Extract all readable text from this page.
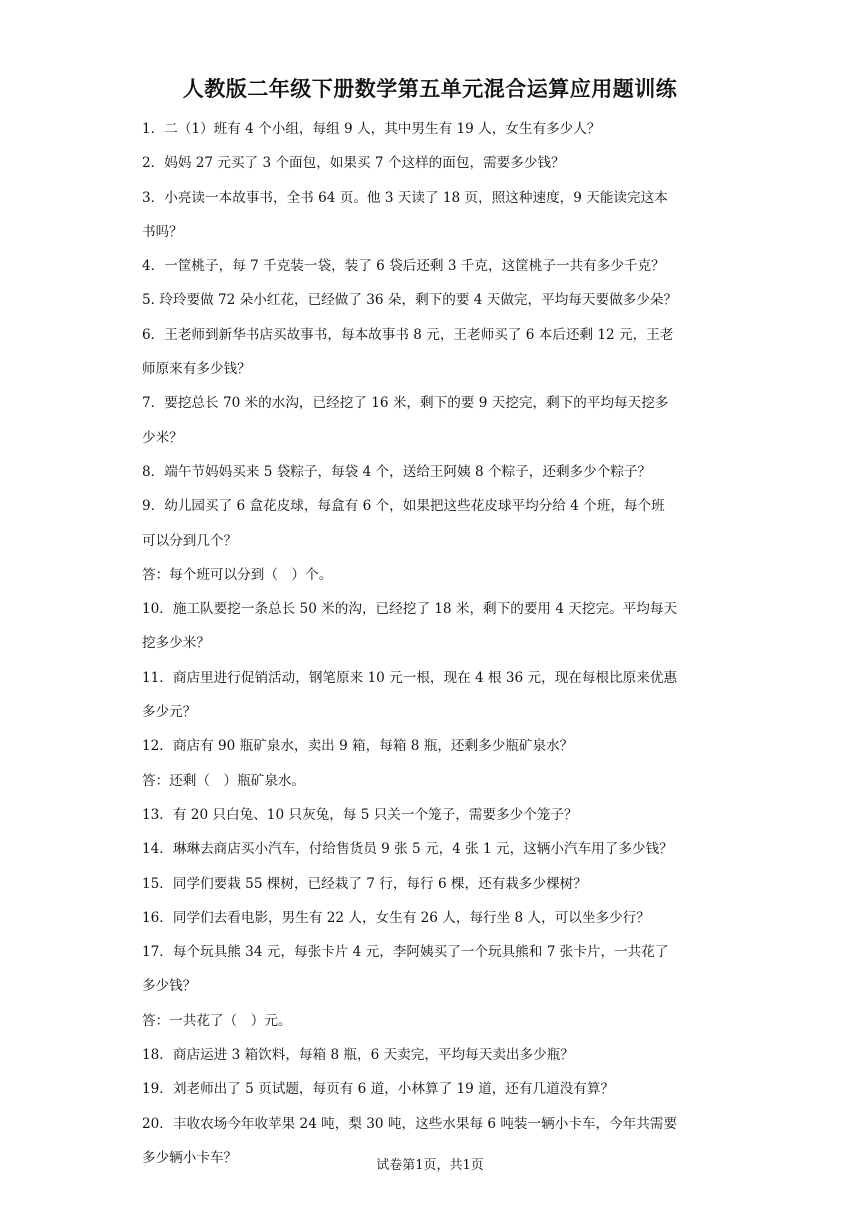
人教版二年级下册数学第五单元混合运算应用题训练
1．二（1）班有 4 个小组，每组 9 人，其中男生有 19 人，女生有多少人？
2．妈妈 27 元买了 3 个面包，如果买 7 个这样的面包，需要多少钱？
3．小亮读一本故事书，全书 64 页。他 3 天读了 18 页，照这种速度，9 天能读完这本
书吗？
4．一筐桃子，每 7 千克装一袋，装了 6 袋后还剩 3 千克，这筐桃子一共有多少千克？
5. 玲玲要做 72 朵小红花，已经做了 36 朵，剩下的要 4 天做完，平均每天要做多少朵？
6．王老师到新华书店买故事书，每本故事书 8 元，王老师买了 6 本后还剩 12 元，王老
师原来有多少钱？
7．要挖总长 70 米的水沟，已经挖了 16 米，剩下的要 9 天挖完，剩下的平均每天挖多
少米？
8．端午节妈妈买来 5 袋粽子，每袋 4 个，送给王阿姨 8 个粽子，还剩多少个粽子？
9．幼儿园买了 6 盒花皮球，每盒有 6 个，如果把这些花皮球平均分给 4 个班，每个班
可以分到几个？
答：每个班可以分到（　）个。
10．施工队要挖一条总长 50 米的沟，已经挖了 18 米，剩下的要用 4 天挖完。平均每天
挖多少米？
11．商店里进行促销活动，钢笔原来 10 元一根，现在 4 根 36 元，现在每根比原来优惠
多少元？
12．商店有 90 瓶矿泉水，卖出 9 箱，每箱 8 瓶，还剩多少瓶矿泉水？
答：还剩（　）瓶矿泉水。
13．有 20 只白兔、10 只灰兔，每 5 只关一个笼子，需要多少个笼子？
14．琳琳去商店买小汽车，付给售货员 9 张 5 元，4 张 1 元，这辆小汽车用了多少钱？
15．同学们要栽 55 棵树，已经栽了 7 行，每行 6 棵，还有栽多少棵树？
16．同学们去看电影，男生有 22 人，女生有 26 人，每行坐 8 人，可以坐多少行？
17．每个玩具熊 34 元，每张卡片 4 元，李阿姨买了一个玩具熊和 7 张卡片，一共花了
多少钱？
答：一共花了（　）元。
18．商店运进 3 箱饮料，每箱 8 瓶，6 天卖完，平均每天卖出多少瓶？
19．刘老师出了 5 页试题，每页有 6 道，小林算了 19 道，还有几道没有算？
20．丰收农场今年收苹果 24 吨，梨 30 吨，这些水果每 6 吨装一辆小卡车，今年共需要
多少辆小卡车？	试卷第1页，共1页
